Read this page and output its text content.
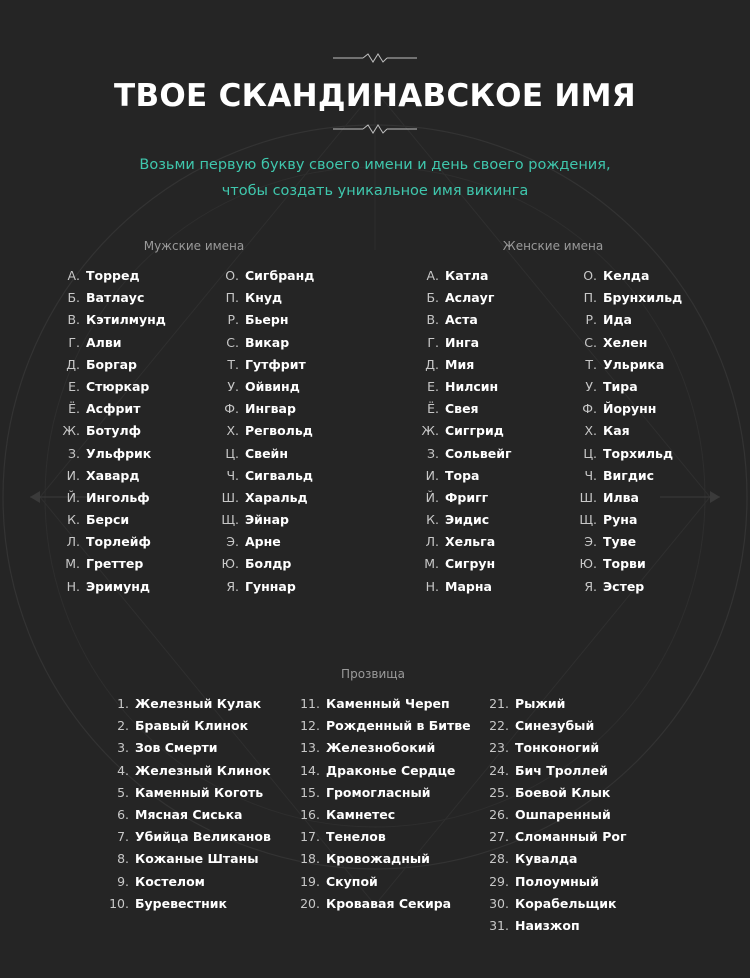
ТВОЕ СКАНДИНАВСКОЕ ИМЯ
Возьми первую букву своего имени и день своего рождения,
чтобы создать уникальное имя викинга
Мужские имена	Женские имена
А. Торред
Б. Ватлаус
В. Кэтилмунд
Г. Алви
Д. Боргар
Е. Стюркар
Ё. Асфрит
Ж. Ботулф
З. Ульфрик
И. Хавард
Й. Ингольф
К. Берси
Л. Торлейф
М. Греттер
Н. Эримунд
О. Сигбранд
П. Кнуд
Р. Бьерн
С. Викар
Т. Гутфрит
У. Ойвинд
Ф. Ингвар
Х. Регвольд
Ц. Свейн
Ч. Сигвальд
Ш. Харальд
Щ. Эйнар
Э. Арне
Ю. Болдр
Я. Гуннар
А. Катла
Б. Аслауг
В. Аста
Г. Инга
Д. Мия
Е. Нилсин
Ё. Свея
Ж. Сиггрид
З. Сольвейг
И. Тора
Й. Фригг
К. Эидис
Л. Хельга
М. Сигрун
Н. Марна
О. Келда
П. Брунхильд
Р. Ида
С. Хелен
Т. Ульрика
У. Тира
Ф. Йорунн
Х. Кая
Ц. Торхильд
Ч. Вигдис
Ш. Илва
Щ. Руна
Э. Туве
Ю. Торви
Я. Эстер
Прозвища
1. Железный Кулак
2. Бравый Клинок
3. Зов Смерти
4. Железный Клинок
5. Каменный Коготь
6. Мясная Сиська
7. Убийца Великанов
8. Кожаные Штаны
9. Костелом
10. Буревестник
11. Каменный Череп
12. Рожденный в Битве
13. Железнобокий
14. Драконье Сердце
15. Громогласный
16. Камнетес
17. Тенелов
18. Кровожадный
19. Скупой
20. Кровавая Секира
21. Рыжий
22. Синезубый
23. Тонконогий
24. Бич Троллей
25. Боевой Клык
26. Ошпаренный
27. Сломанный Рог
28. Кувалда
29. Полоумный
30. Корабельщик
31. Наизжоп
